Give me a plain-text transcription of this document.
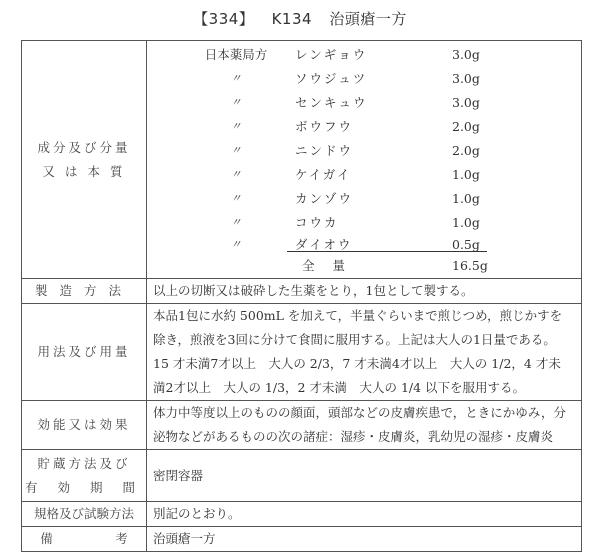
【334】 K134 治頭瘡一方
成分及び分量
又 は 本 質

日本薬局方	レンギョウ	3.0g
〃	ソウジュツ	3.0g
〃	センキュウ	3.0g
〃	ボウフウ	2.0g
〃	ニンドウ	2.0g
〃	ケイガイ	1.0g
〃	カンゾウ	1.0g
〃	コウカ	1.0g
〃	ダイオウ	0.5g
全量	16.5g

製造方法	以上の切断又は破砕した生薬をとり，1包として製する。
用法及び用量	本品1包に水約 500mL を加えて，半量ぐらいまで煎じつめ，煎じかすを
除き，煎液を3回に分けて食間に服用する。上記は大人の1日量である。
15 才未満7才以上　大人の 2/3，7 才未満4才以上　大人の 1/2，4 才未
満2才以上　大人の 1/3，2 才未満　大人の 1/4 以下を服用する。

効能又は効果	体力中等度以上のものの顔面，頭部などの皮膚疾患で，ときにかゆみ，分
泌物などがあるものの次の諸症：湿疹・皮膚炎，乳幼児の湿疹・皮膚炎

貯蔵方法及び
有 効 期 間	密閉容器
規格及び試験方法	別記のとおり。
備　　　　　考	治頭瘡一方
